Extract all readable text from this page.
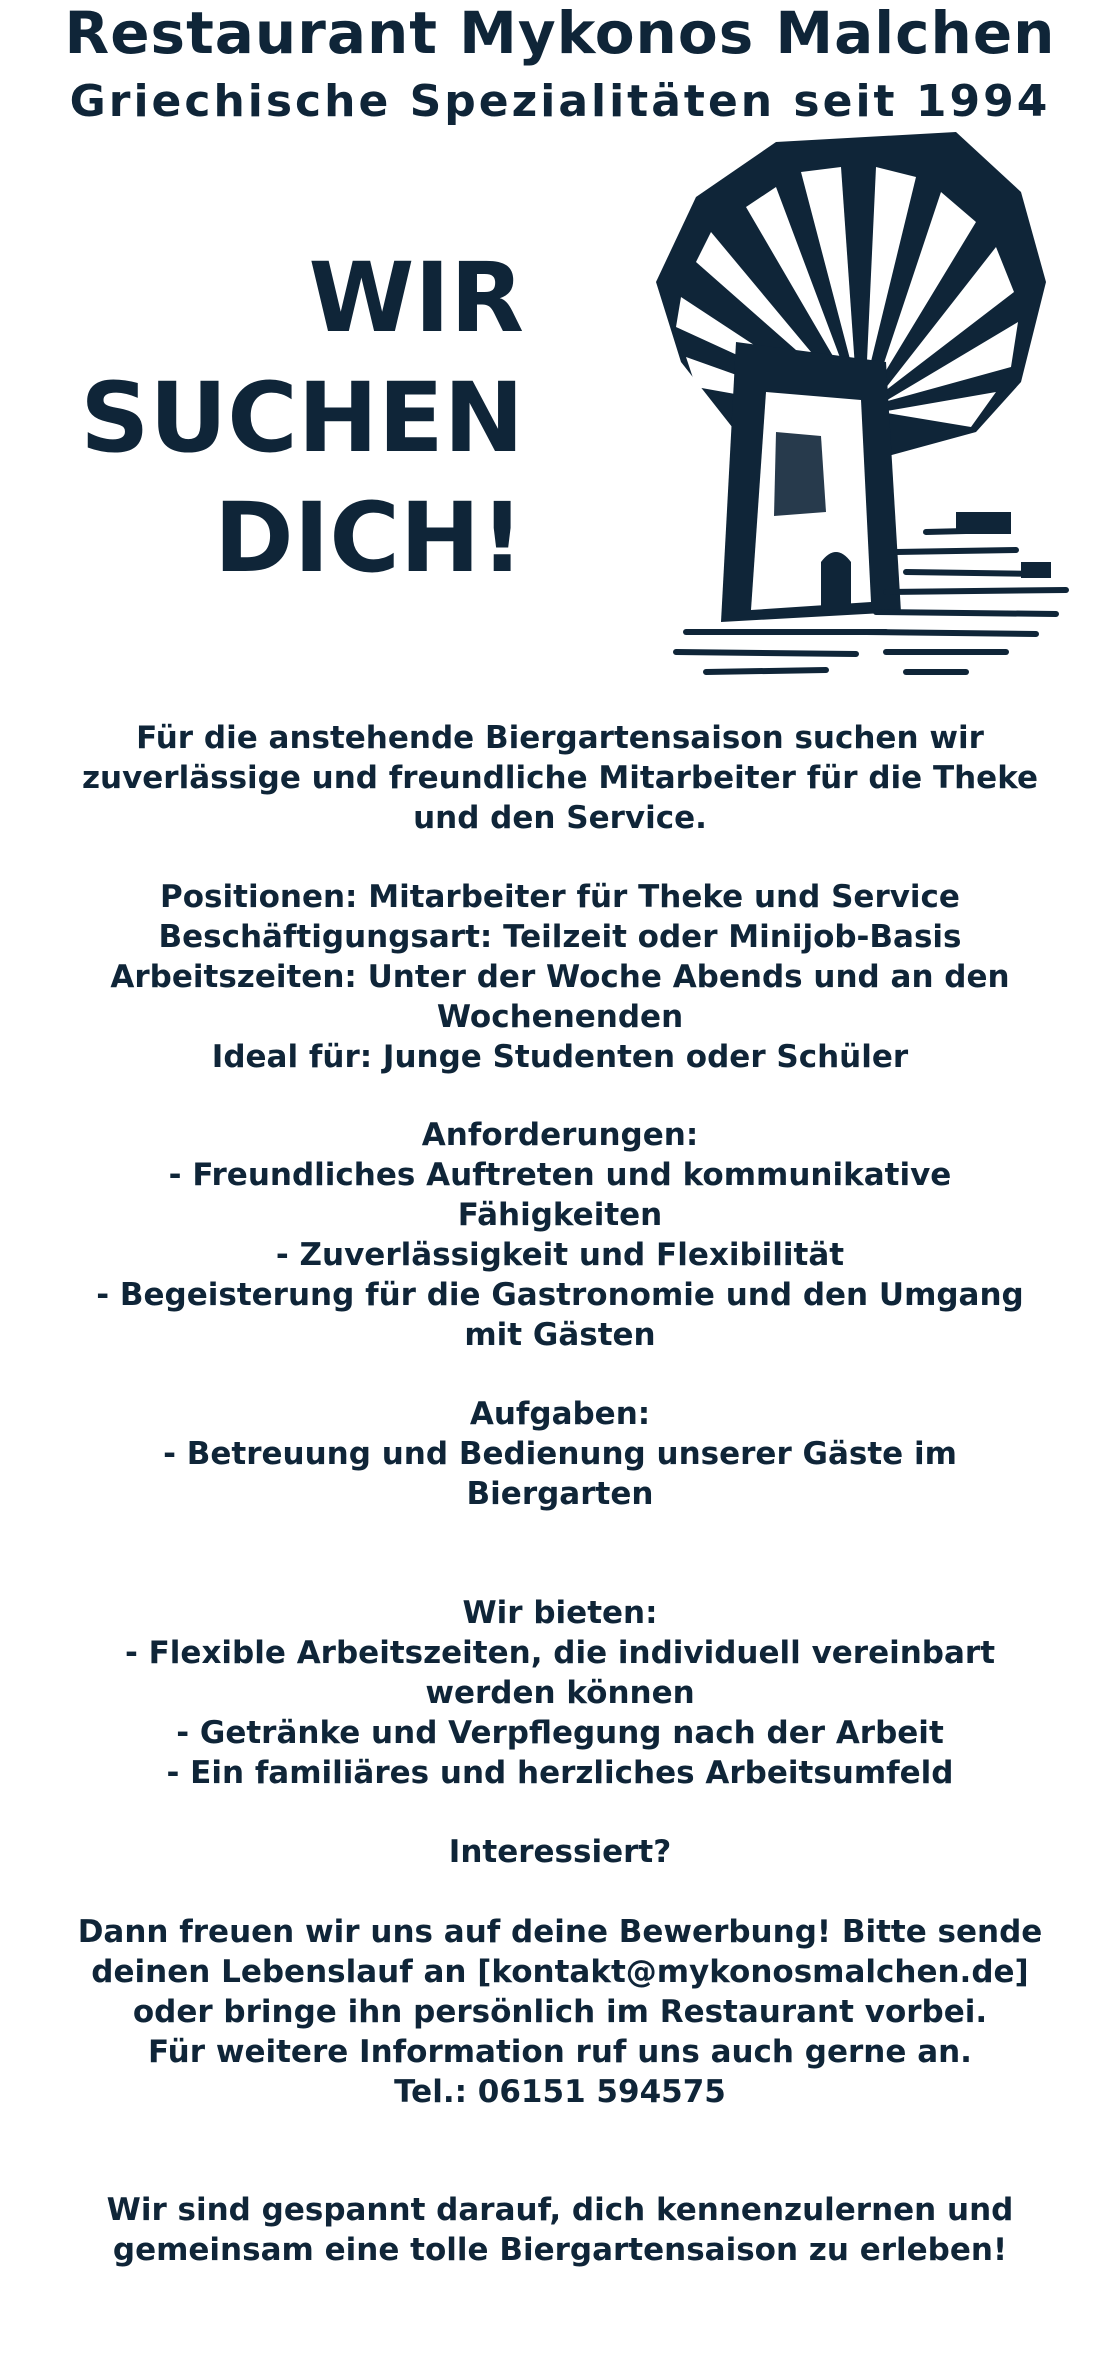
Restaurant Mykonos Malchen
Griechische Spezialitäten seit 1994
WIR
SUCHEN
DICH!
Für die anstehende Biergartensaison suchen wir
zuverlässige und freundliche Mitarbeiter für die Theke
und den Service.
Positionen: Mitarbeiter für Theke und Service
Beschäftigungsart: Teilzeit oder Minijob-Basis
Arbeitszeiten: Unter der Woche Abends und an den
Wochenenden
Ideal für: Junge Studenten oder Schüler
Anforderungen:
- Freundliches Auftreten und kommunikative
Fähigkeiten
- Zuverlässigkeit und Flexibilität
- Begeisterung für die Gastronomie und den Umgang
mit Gästen
Aufgaben:
- Betreuung und Bedienung unserer Gäste im
Biergarten
Wir bieten:
- Flexible Arbeitszeiten, die individuell vereinbart
werden können
- Getränke und Verpflegung nach der Arbeit
- Ein familiäres und herzliches Arbeitsumfeld
Interessiert?
Dann freuen wir uns auf deine Bewerbung! Bitte sende
deinen Lebenslauf an [kontakt@mykonosmalchen.de]
oder bringe ihn persönlich im Restaurant vorbei.
Für weitere Information ruf uns auch gerne an.
Tel.: 06151 594575
Wir sind gespannt darauf, dich kennenzulernen und
gemeinsam eine tolle Biergartensaison zu erleben!
